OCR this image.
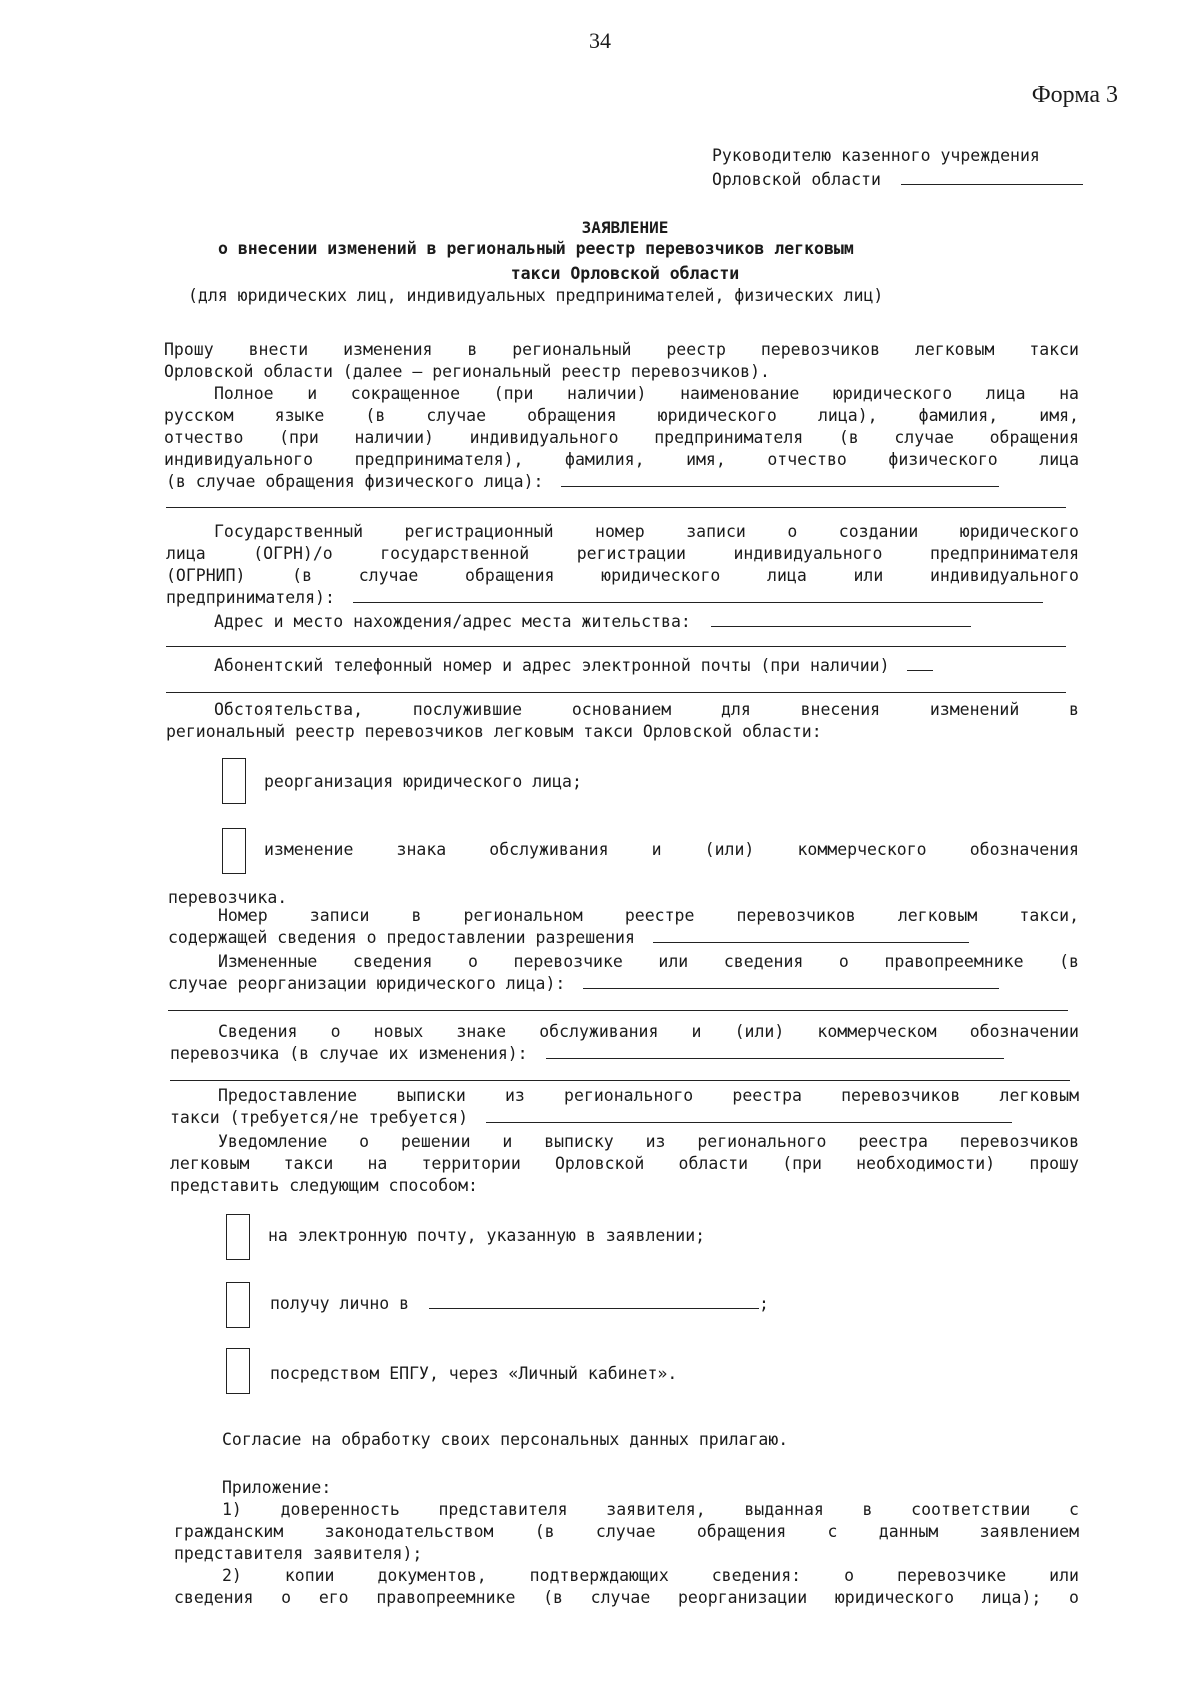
34
Форма 3
Руководителю казенного учреждения
Орловской области
ЗАЯВЛЕНИЕ
о внесении изменений в региональный реестр перевозчиков легковым
такси Орловской области
(для юридических лиц, индивидуальных предпринимателей, физических лиц)
Прошу внести изменения в региональный реестр перевозчиков легковым такси
Орловской области (далее – региональный реестр перевозчиков).
Полное и сокращенное (при наличии) наименование юридического лица на
русском языке (в случае обращения юридического лица), фамилия, имя,
отчество (при наличии) индивидуального предпринимателя (в случае обращения
индивидуального предпринимателя), фамилия, имя, отчество физического лица
(в случае обращения физического лица):
Государственный регистрационный номер записи о создании юридического
лица (ОГРН)/о государственной регистрации индивидуального предпринимателя
(ОГРНИП) (в случае обращения юридического лица или индивидуального
предпринимателя):
Адрес и место нахождения/адрес места жительства:
Абонентский телефонный номер и адрес электронной почты (при наличии)
Обстоятельства, послужившие основанием для внесения изменений в
региональный реестр перевозчиков легковым такси Орловской области:
реорганизация юридического лица;
изменение знака обслуживания и (или) коммерческого обозначения
перевозчика.
Номер записи в региональном реестре перевозчиков легковым такси,
содержащей сведения о предоставлении разрешения
Измененные сведения о перевозчике или сведения о правопреемнике (в
случае реорганизации юридического лица):
Сведения о новых знаке обслуживания и (или) коммерческом обозначении
перевозчика (в случае их изменения):
Предоставление выписки из регионального реестра перевозчиков легковым
такси (требуется/не требуется)
Уведомление о решении и выписку из регионального реестра перевозчиков
легковым такси на территории Орловской области (при необходимости) прошу
представить следующим способом:
на электронную почту, указанную в заявлении;
получу лично в	;
посредством ЕПГУ, через «Личный кабинет».
Согласие на обработку своих персональных данных прилагаю.
Приложение:
1) доверенность представителя заявителя, выданная в соответствии с
гражданским законодательством (в случае обращения с данным заявлением
представителя заявителя);
2) копии документов, подтверждающих сведения: о перевозчике или
сведения о его правопреемнике (в случае реорганизации юридического лица); о
